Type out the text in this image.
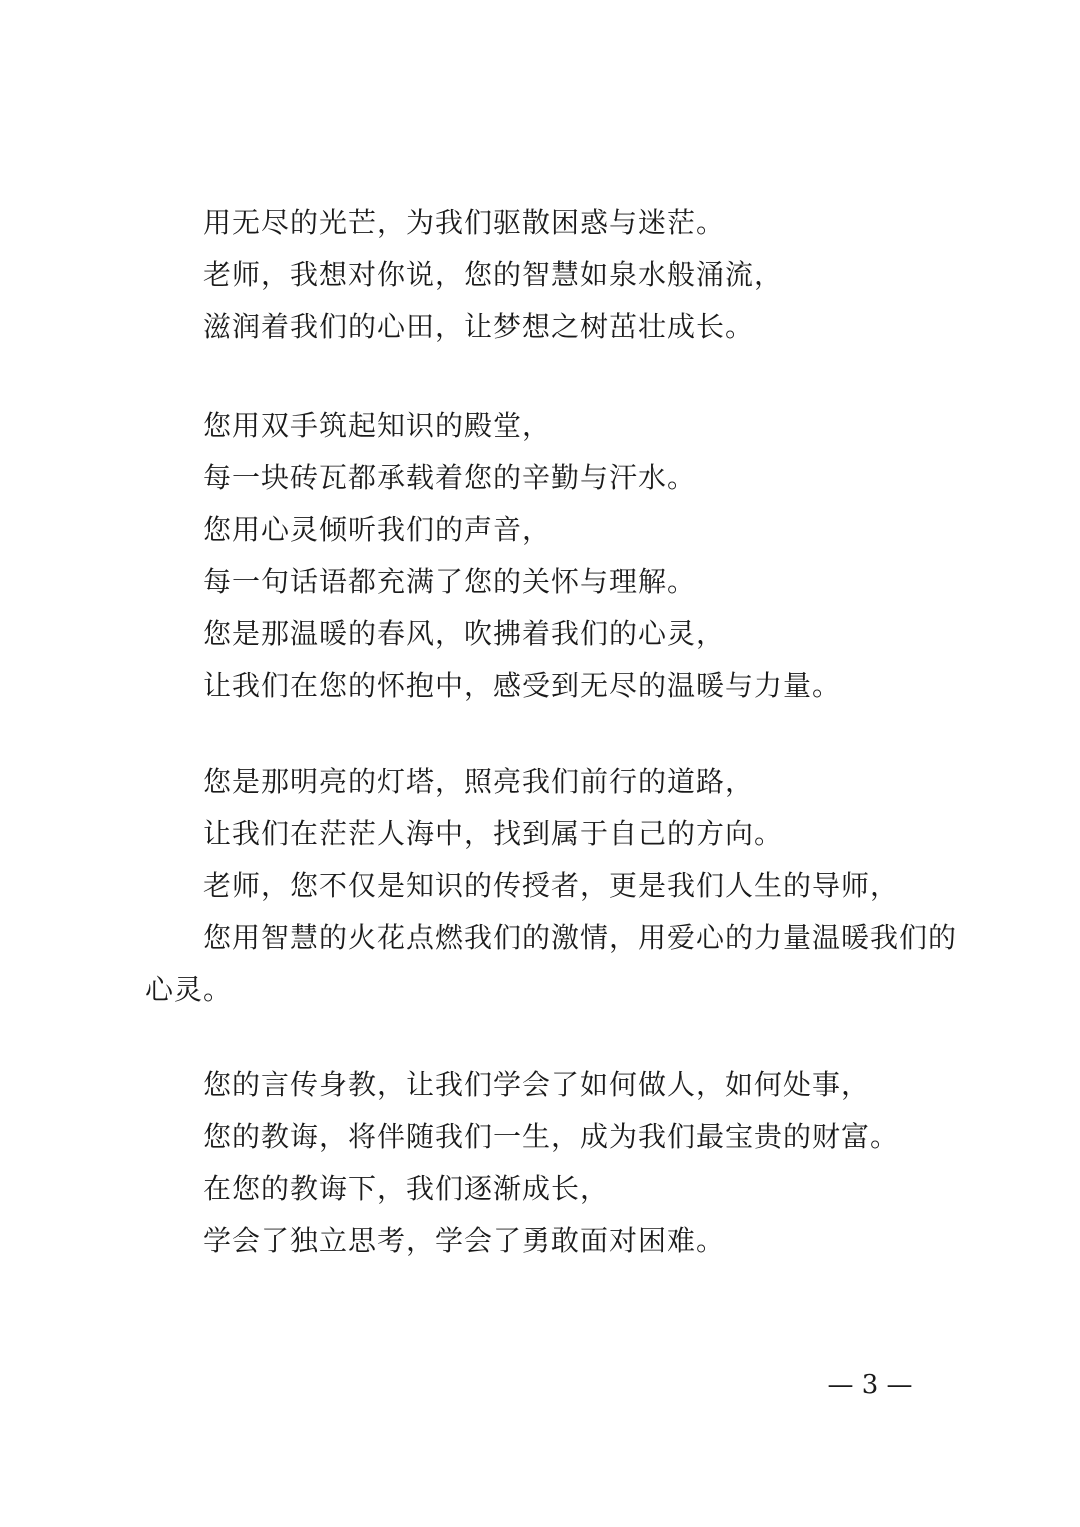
用无尽的光芒，为我们驱散困惑与迷茫。
老师，我想对你说，您的智慧如泉水般涌流，
滋润着我们的心田，让梦想之树茁壮成长。
您用双手筑起知识的殿堂，
每一块砖瓦都承载着您的辛勤与汗水。
您用心灵倾听我们的声音，
每一句话语都充满了您的关怀与理解。
您是那温暖的春风，吹拂着我们的心灵，
让我们在您的怀抱中，感受到无尽的温暖与力量。
您是那明亮的灯塔，照亮我们前行的道路，
让我们在茫茫人海中，找到属于自己的方向。
老师，您不仅是知识的传授者，更是我们人生的导师，
您用智慧的火花点燃我们的激情，用爱心的力量温暖我们的
心灵。
您的言传身教，让我们学会了如何做人，如何处事，
您的教诲，将伴随我们一生，成为我们最宝贵的财富。
在您的教诲下，我们逐渐成长，
学会了独立思考，学会了勇敢面对困难。
— 3 —
